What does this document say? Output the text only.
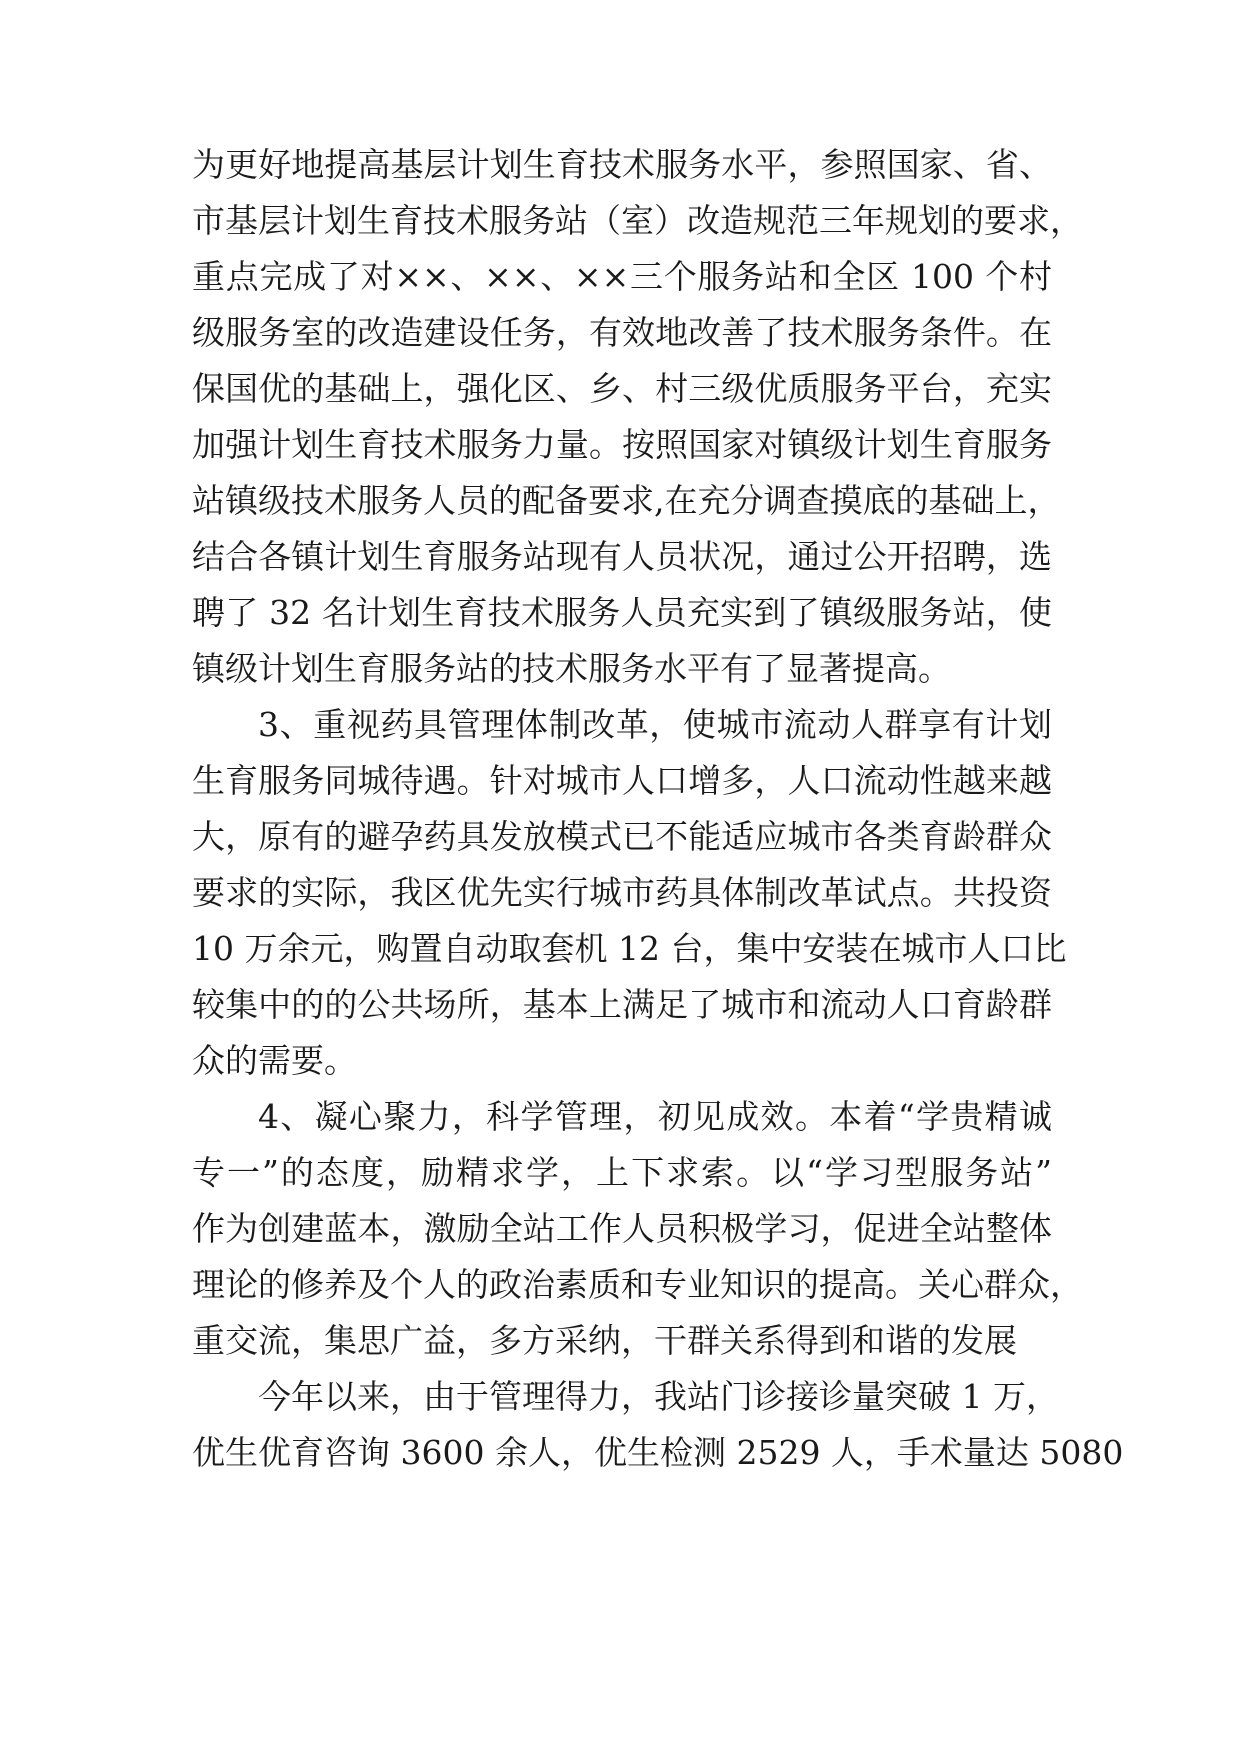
为更好地提高基层计划生育技术服务水平，参照国家、省、
市基层计划生育技术服务站（室）改造规范三年规划的要求，
重点完成了对××、××、××三个服务站和全区 100 个村
级服务室的改造建设任务，有效地改善了技术服务条件。在
保国优的基础上，强化区、乡、村三级优质服务平台，充实
加强计划生育技术服务力量。按照国家对镇级计划生育服务
站镇级技术服务人员的配备要求,在充分调查摸底的基础上，
结合各镇计划生育服务站现有人员状况，通过公开招聘，选
聘了 32 名计划生育技术服务人员充实到了镇级服务站，使
镇级计划生育服务站的技术服务水平有了显著提高。
3、重视药具管理体制改革，使城市流动人群享有计划
生育服务同城待遇。针对城市人口增多，人口流动性越来越
大，原有的避孕药具发放模式已不能适应城市各类育龄群众
要求的实际，我区优先实行城市药具体制改革试点。共投资
10 万余元，购置自动取套机 12 台，集中安装在城市人口比
较集中的的公共场所，基本上满足了城市和流动人口育龄群
众的需要。
4、凝心聚力，科学管理，初见成效。本着“学贵精诚
专一”的态度，励精求学，上下求索。以“学习型服务站”
作为创建蓝本，激励全站工作人员积极学习，促进全站整体
理论的修养及个人的政治素质和专业知识的提高。关心群众，
重交流，集思广益，多方采纳，干群关系得到和谐的发展
今年以来，由于管理得力，我站门诊接诊量突破 1 万，
优生优育咨询 3600 余人，优生检测 2529 人，手术量达 5080
